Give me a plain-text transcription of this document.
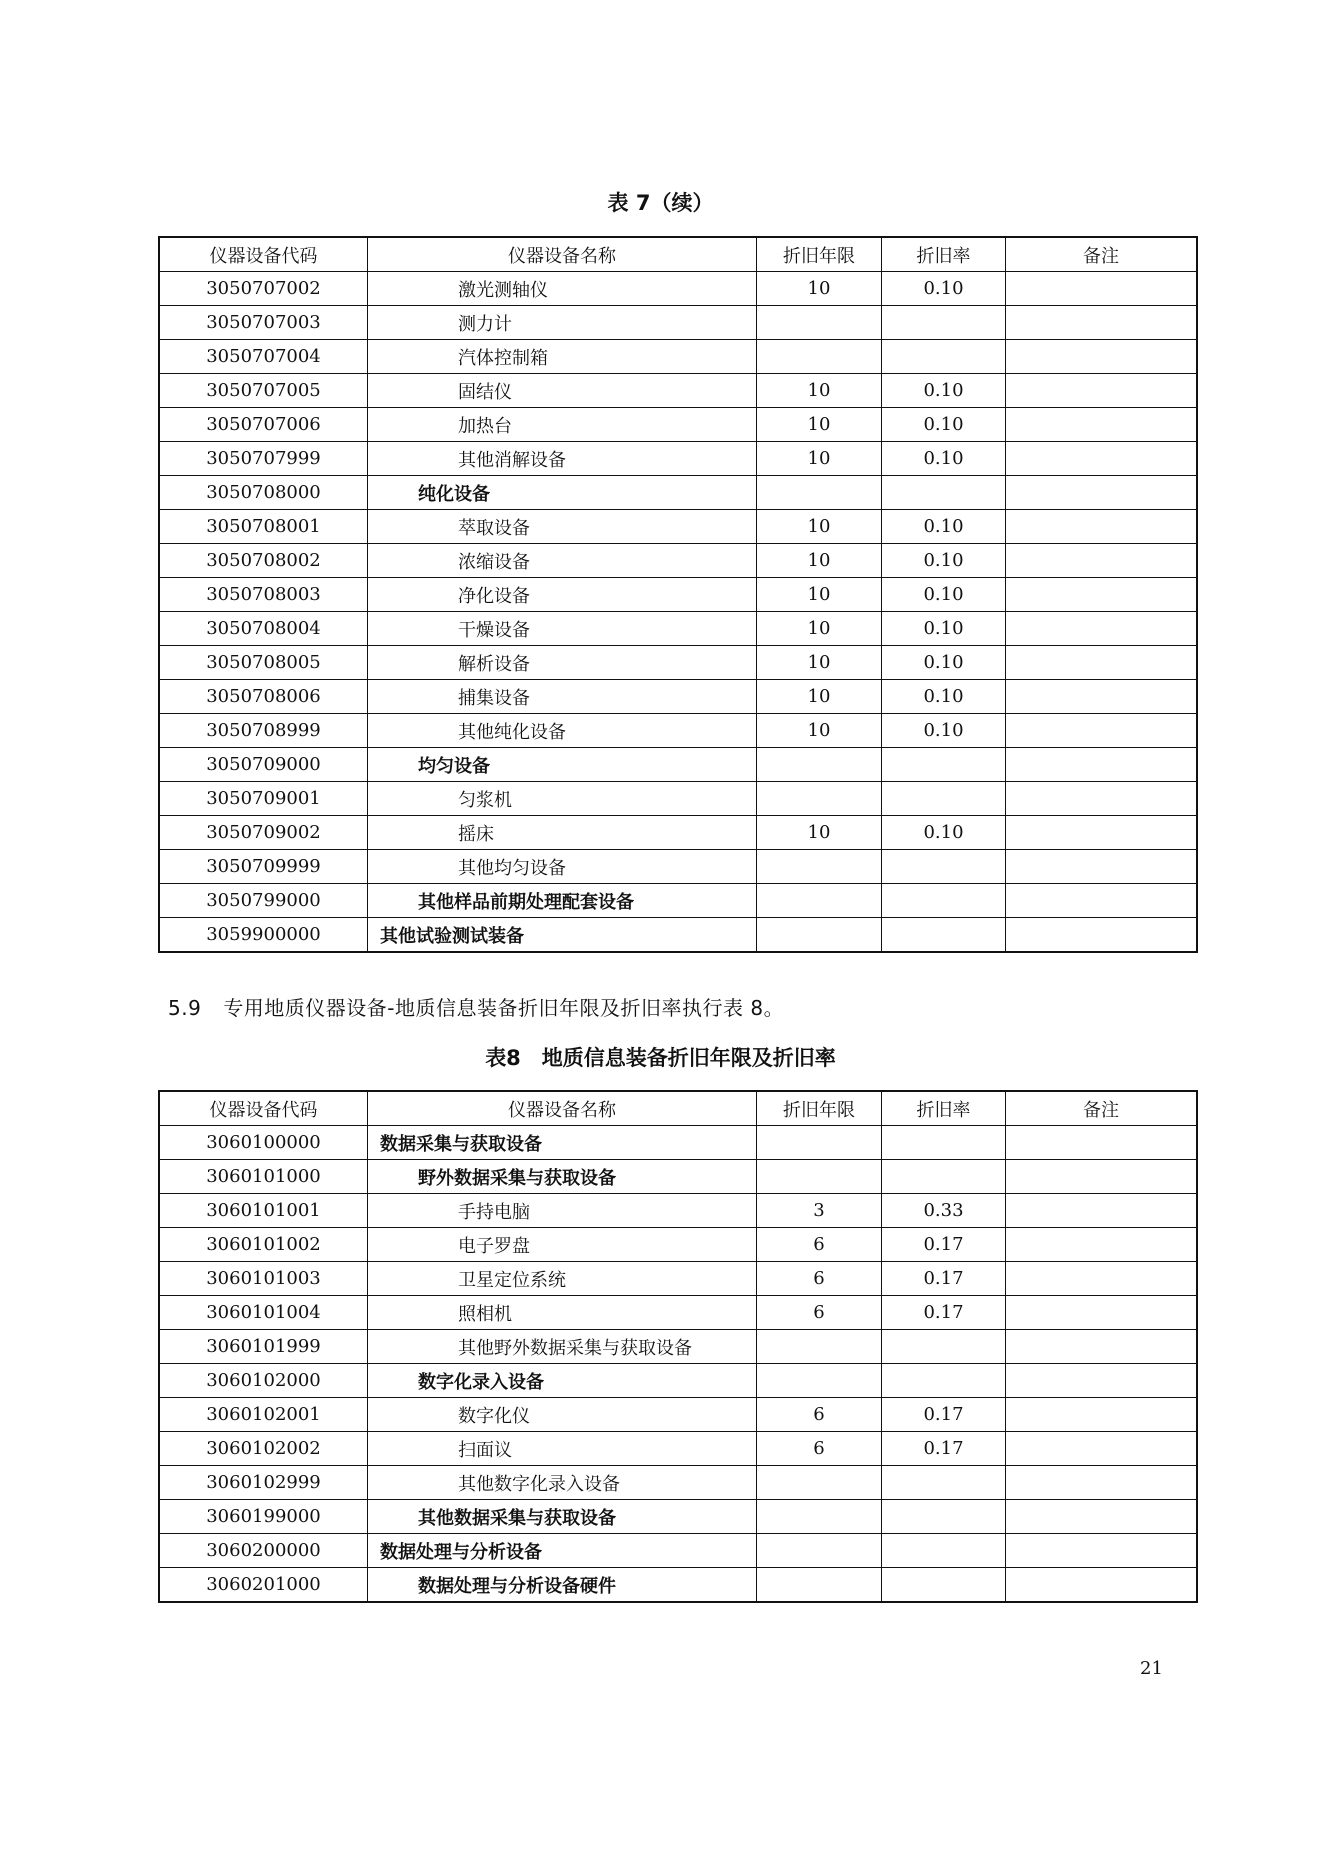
表 7（续）
仪器设备代码	仪器设备名称	折旧年限	折旧率	备注
3050707002	激光测轴仪	10	0.10	
3050707003	测力计			
3050707004	汽体控制箱			
3050707005	固结仪	10	0.10	
3050707006	加热台	10	0.10	
3050707999	其他消解设备	10	0.10	
3050708000	纯化设备			
3050708001	萃取设备	10	0.10	
3050708002	浓缩设备	10	0.10	
3050708003	净化设备	10	0.10	
3050708004	干燥设备	10	0.10	
3050708005	解析设备	10	0.10	
3050708006	捕集设备	10	0.10	
3050708999	其他纯化设备	10	0.10	
3050709000	均匀设备			
3050709001	匀浆机			
3050709002	摇床	10	0.10	
3050709999	其他均匀设备			
3050799000	其他样品前期处理配套设备			
3059900000	其他试验测试装备			
5.9 专用地质仪器设备-地质信息装备折旧年限及折旧率执行表 8。
表8　地质信息装备折旧年限及折旧率
仪器设备代码	仪器设备名称	折旧年限	折旧率	备注
3060100000	数据采集与获取设备			
3060101000	野外数据采集与获取设备			
3060101001	手持电脑	3	0.33	
3060101002	电子罗盘	6	0.17	
3060101003	卫星定位系统	6	0.17	
3060101004	照相机	6	0.17	
3060101999	其他野外数据采集与获取设备			
3060102000	数字化录入设备			
3060102001	数字化仪	6	0.17	
3060102002	扫面议	6	0.17	
3060102999	其他数字化录入设备			
3060199000	其他数据采集与获取设备			
3060200000	数据处理与分析设备			
3060201000	数据处理与分析设备硬件			
21
